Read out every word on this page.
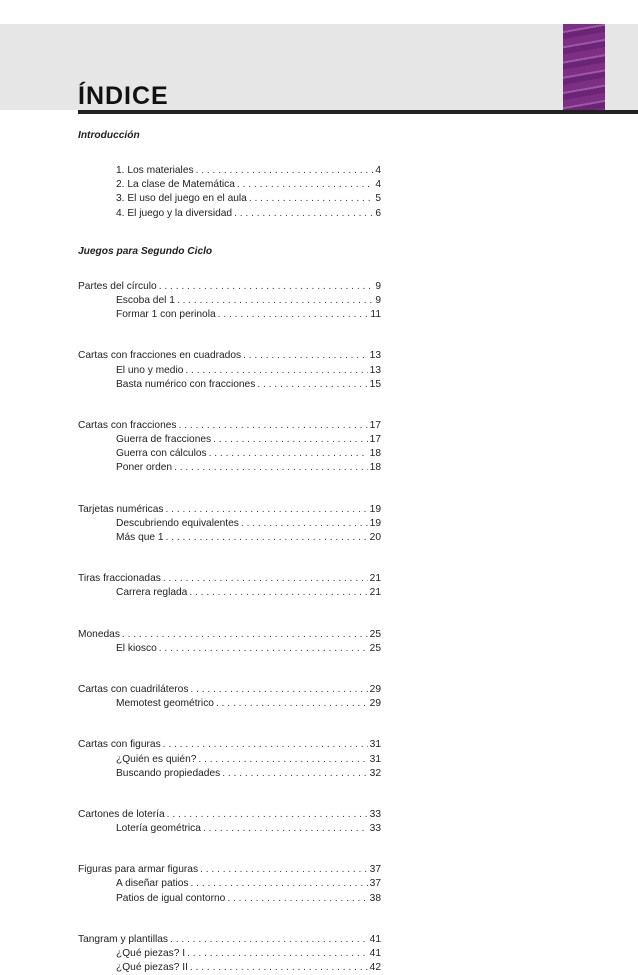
ÍNDICE
Introducción
1. Los materiales . . .	4
2. La clase de Matemática . . .	4
3. El uso del juego en el aula . . .	5
4. El juego y la diversidad . . .	6
Juegos para Segundo Ciclo
Partes del círculo . . .	9
Escoba del 1 . . .	9
Formar 1 con perinola . . .	11
Cartas con fracciones en cuadrados . . .	13
El uno y medio . . .	13
Basta numérico con fracciones . . .	15
Cartas con fracciones . . .	17
Guerra de fracciones . . .	17
Guerra con cálculos . . .	18
Poner orden . . .	18
Tarjetas numéricas . . .	19
Descubriendo equivalentes . . .	19
Más que 1 . . .	20
Tiras fraccionadas . . .	21
Carrera reglada . . .	21
Monedas . . .	25
El kiosco . . .	25
Cartas con cuadriláteros . . .	29
Memotest geométrico . . .	29
Cartas con figuras . . .	31
¿Quién es quién? . . .	31
Buscando propiedades . . .	32
Cartones de lotería . . .	33
Lotería geométrica . . .	33
Figuras para armar figuras . . .	37
A diseñar patios . . .	37
Patios de igual contorno . . .	38
Tangram y plantillas . . .	41
¿Qué piezas? I . . .	41
¿Qué piezas? II . . .	42
